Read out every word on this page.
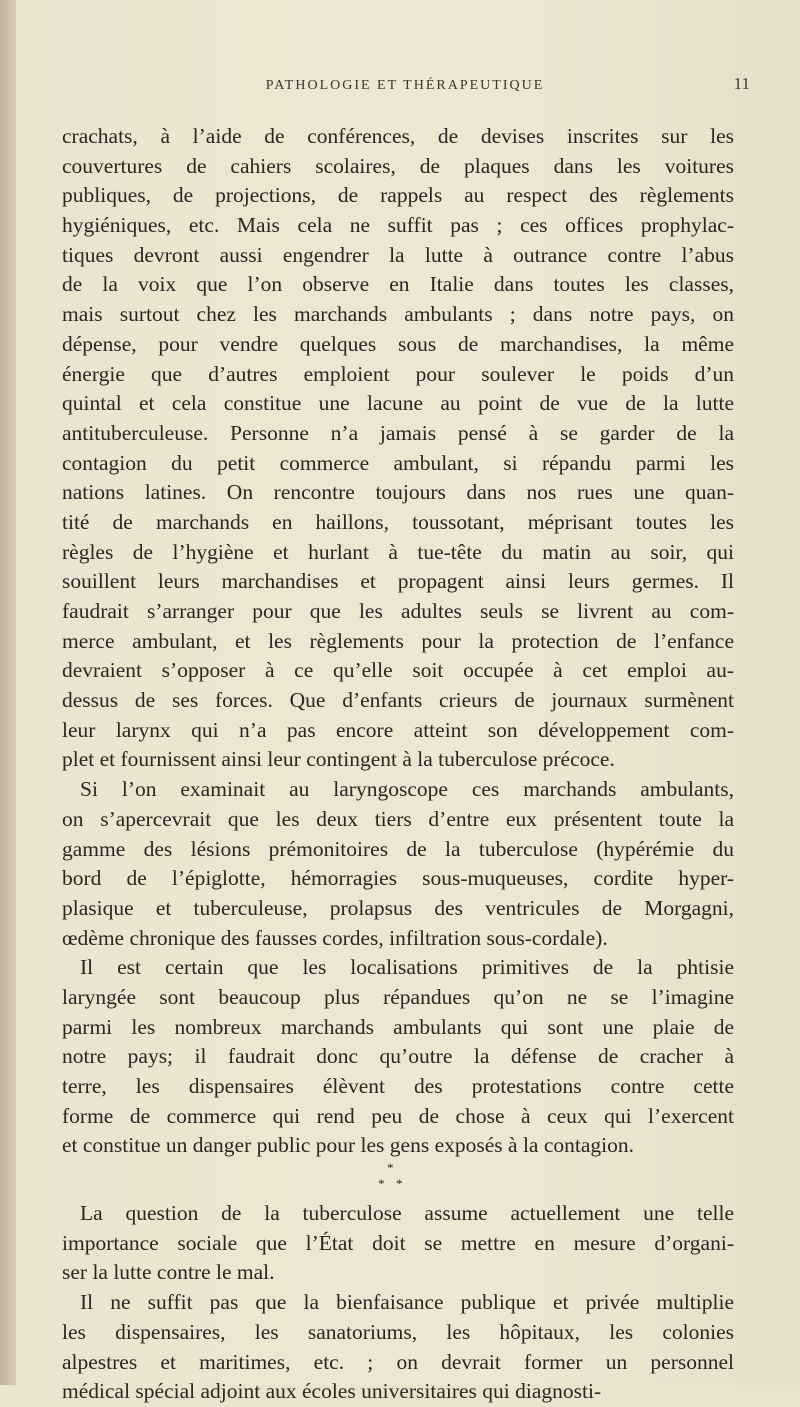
PATHOLOGIE ET THÉRAPEUTIQUE	11
crachats, à l’aide de conférences, de devises inscrites sur les
couvertures de cahiers scolaires, de plaques dans les voitures
publiques, de projections, de rappels au respect des règlements
hygiéniques, etc. Mais cela ne suffit pas ; ces offices prophylac-
tiques devront aussi engendrer la lutte à outrance contre l’abus
de la voix que l’on observe en Italie dans toutes les classes,
mais surtout chez les marchands ambulants ; dans notre pays, on
dépense, pour vendre quelques sous de marchandises, la même
énergie que d’autres emploient pour soulever le poids d’un
quintal et cela constitue une lacune au point de vue de la lutte
antituberculeuse. Personne n’a jamais pensé à se garder de la
contagion du petit commerce ambulant, si répandu parmi les
nations latines. On rencontre toujours dans nos rues une quan-
tité de marchands en haillons, toussotant, méprisant toutes les
règles de l’hygiène et hurlant à tue-tête du matin au soir, qui
souillent leurs marchandises et propagent ainsi leurs germes. Il
faudrait s’arranger pour que les adultes seuls se livrent au com-
merce ambulant, et les règlements pour la protection de l’enfance
devraient s’opposer à ce qu’elle soit occupée à cet emploi au-
dessus de ses forces. Que d’enfants crieurs de journaux surmènent
leur larynx qui n’a pas encore atteint son développement com-
plet et fournissent ainsi leur contingent à la tuberculose précoce.
Si l’on examinait au laryngoscope ces marchands ambulants,
on s’apercevrait que les deux tiers d’entre eux présentent toute la
gamme des lésions prémonitoires de la tuberculose (hypérémie du
bord de l’épiglotte, hémorragies sous-muqueuses, cordite hyper-
plasique et tuberculeuse, prolapsus des ventricules de Morgagni,
œdème chronique des fausses cordes, infiltration sous-cordale).
Il est certain que les localisations primitives de la phtisie
laryngée sont beaucoup plus répandues qu’on ne se l’imagine
parmi les nombreux marchands ambulants qui sont une plaie de
notre pays; il faudrait donc qu’outre la défense de cracher à
terre, les dispensaires élèvent des protestations contre cette
forme de commerce qui rend peu de chose à ceux qui l’exercent
et constitue un danger public pour les gens exposés à la contagion.
*
* *
La question de la tuberculose assume actuellement une telle
importance sociale que l’État doit se mettre en mesure d’organi-
ser la lutte contre le mal.
Il ne suffit pas que la bienfaisance publique et privée multiplie
les dispensaires, les sanatoriums, les hôpitaux, les colonies
alpestres et maritimes, etc. ; on devrait former un personnel
médical spécial adjoint aux écoles universitaires qui diagnosti-
